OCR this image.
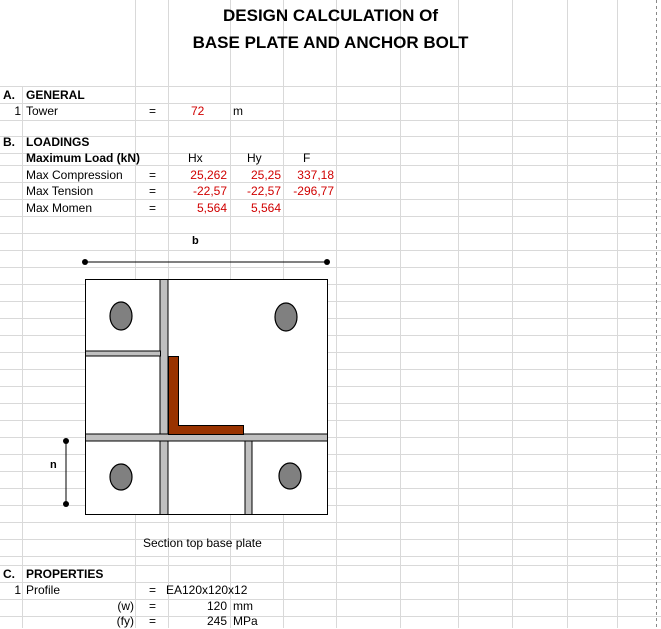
DESIGN CALCULATION Of
BASE PLATE AND ANCHOR BOLT
A. GENERAL
1 Tower	=	72 m
B. LOADINGS
Maximum Load (kN)	Hx	Hy	F
Max Compression =	25,262	25,25	337,18
Max Tension	=	-22,57	-22,57	-296,77
Max Momen	=	5,564	5,564
b
n
Section top base plate
C. PROPERTIES
1 Profile	= EA120x120x12
(w) =	120 mm
(fy) =	245 MPa
